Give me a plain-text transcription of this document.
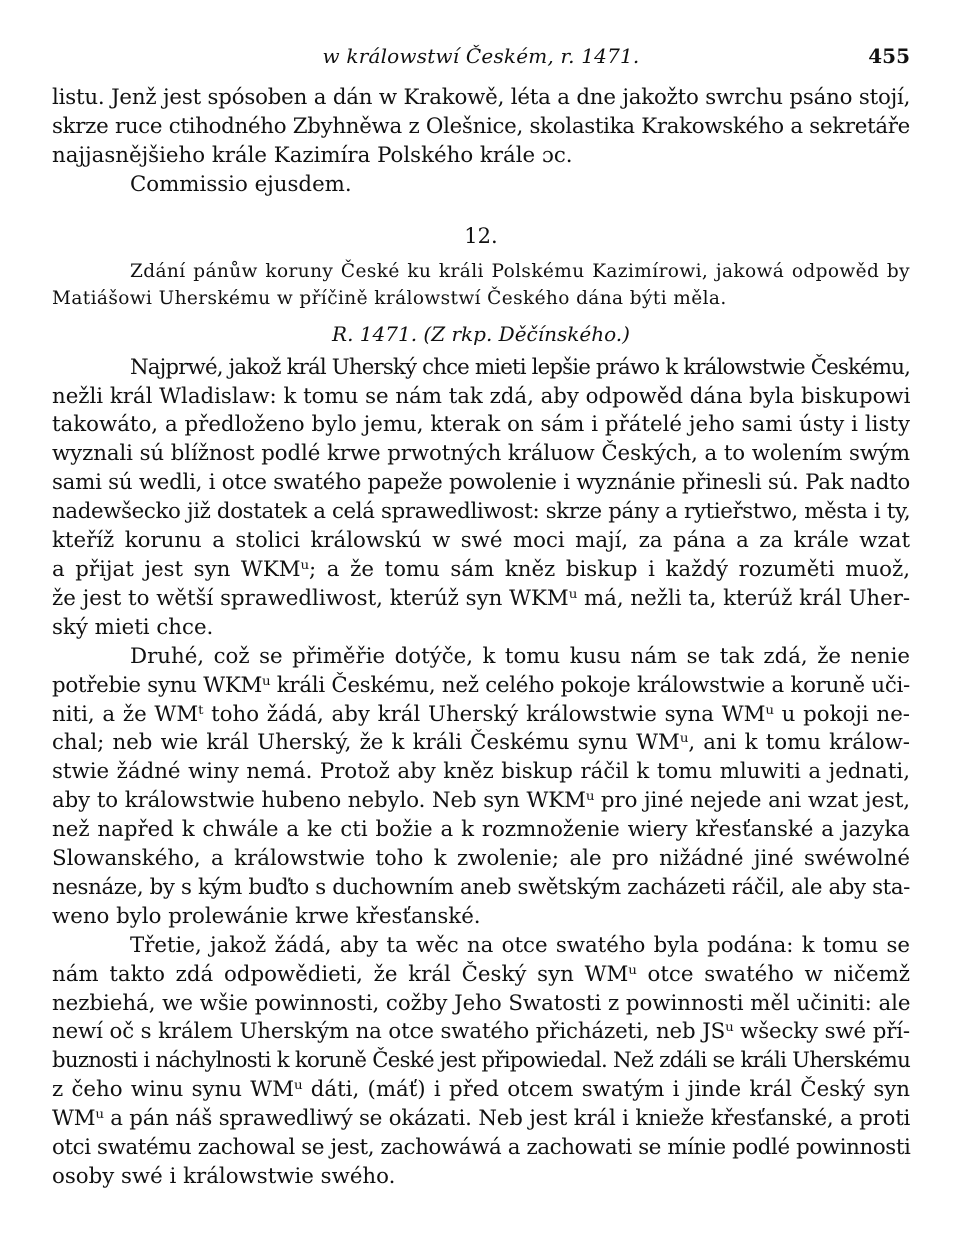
w králowstwí Českém, r. 1471.	455

listu. Jenž jest spósoben a dán w Krakowě, léta a dne jakožto swrchu psáno stojí,
skrze ruce ctihodného Zbyhněwa z Olešnice, skolastika Krakowského a sekretáře
najjasnějšieho krále Kazimíra Polského krále ɔc.

Commissio ejusdem.

12.

Zdání pánůw koruny České ku králi Polskému Kazimírowi, jakowá odpowěd by
Matiášowi Uherskému w příčině králowstwí Českého dána býti měla.

R. 1471. (Z rkp. Děčínského.)

Najprwé, jakož král Uherský chce mieti lepšie práwo k králowstwie Českému,
nežli král Wladislaw: k tomu se nám tak zdá, aby odpowěd dána byla biskupowi
takowáto, a předloženo bylo jemu, kterak on sám i přátelé jeho sami ústy i listy
wyznali sú blížnost podlé krwe prwotných králuow Českých, a to wolením swým
sami sú wedli, i otce swatého papeže powolenie i wyznánie přinesli sú. Pak nadto
nadewšecko již dostatek a celá sprawedliwost: skrze pány a rytieřstwo, města i ty,
kteříž korunu a stolici králowskú w swé moci mají, za pána a za krále wzat
a přijat jest syn WKMᵘ; a že tomu sám kněz biskup i každý rozuměti muož,
že jest to wětší sprawedliwost, kterúž syn WKMᵘ má, nežli ta, kterúž král Uher-
ský mieti chce.

Druhé, což se přiměřie dotýče, k tomu kusu nám se tak zdá, že nenie
potřebie synu WKMᵘ králi Českému, než celého pokoje králowstwie a koruně uči-
niti, a že WMᵗ toho žádá, aby král Uherský králowstwie syna WMᵘ u pokoji ne-
chal; neb wie král Uherský, že k králi Českému synu WMᵘ, ani k tomu králow-
stwie žádné winy nemá. Protož aby kněz biskup ráčil k tomu mluwiti a jednati,
aby to králowstwie hubeno nebylo. Neb syn WKMᵘ pro jiné nejede ani wzat jest,
než napřed k chwále a ke cti božie a k rozmnoženie wiery křesťanské a jazyka
Slowanského, a králowstwie toho k zwolenie; ale pro nižádné jiné swéwolné
nesnáze, by s kým buďto s duchowním aneb swětským zacházeti ráčil, ale aby sta-
weno bylo prolewánie krwe křesťanské.

Třetie, jakož žádá, aby ta wěc na otce swatého byla podána: k tomu se
nám takto zdá odpowědieti, že král Český syn WMᵘ otce swatého w ničemž
nezbiehá, we wšie powinnosti, cožby Jeho Swatosti z powinnosti měl učiniti: ale
newí oč s králem Uherským na otce swatého přicházeti, neb JSᵘ wšecky swé pří-
buznosti i náchylnosti k koruně České jest připowiedal. Než zdáli se králi Uherskému
z čeho winu synu WMᵘ dáti, (máť) i před otcem swatým i jinde král Český syn
WMᵘ a pán náš sprawedliwý se okázati. Neb jest král i knieže křesťanské, a proti
otci swatému zachowal se jest, zachowáwá a zachowati se mínie podlé powinnosti
osoby swé i králowstwie swého.
